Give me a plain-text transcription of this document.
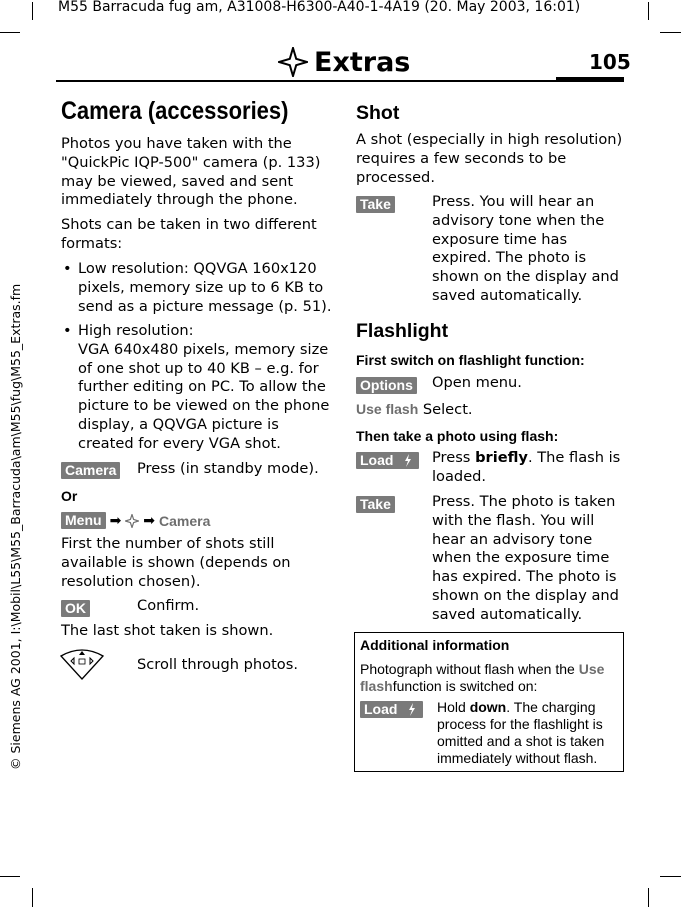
M55 Barracuda fug am, A31008-H6300-A40-1-4A19 (20. May 2003, 16:01)
Extras	105
© Siemens AG 2001, I:\Mobil\L55\M55_Barracuda\am\M55\fug\M55_Extras.fm
Camera (accessories)
Photos you have taken with the
"QuickPic IQP-500" camera (p. 133)
may be viewed, saved and sent
immediately through the phone.
Shots can be taken in two different
formats:
• Low resolution: QQVGA 160x120
pixels, memory size up to 6 KB to
send as a picture message (p. 51).
• High resolution:
VGA 640x480 pixels, memory size
of one shot up to 40 KB – e.g. for
further editing on PC. To allow the
picture to be viewed on the phone
display, a QQVGA picture is
created for every VGA shot.
Camera Press (in standby mode).
Or
Menu ➡ ➡ Camera
First the number of shots still
available is shown (depends on
resolution chosen).
OK	Confirm.
The last shot taken is shown.
Scroll through photos.
Shot
A shot (especially in high resolution)
requires a few seconds to be
processed.
Take	Press. You will hear an
advisory tone when the
exposure time has
expired. The photo is
shown on the display and
saved automatically.
Flashlight
First switch on flashlight function:
Options Open menu.
Use flash Select.
Then take a photo using flash:
Load	Press briefly. The flash is
loaded.
Take	Press. The photo is taken
with the flash. You will
hear an advisory tone
when the exposure time
has expired. The photo is
shown on the display and
saved automatically.
Additional information
Photograph without flash when the Use
flashfunction is switched on:
Load	Hold down. The charging
process for the flashlight is
omitted and a shot is taken
immediately without flash.
